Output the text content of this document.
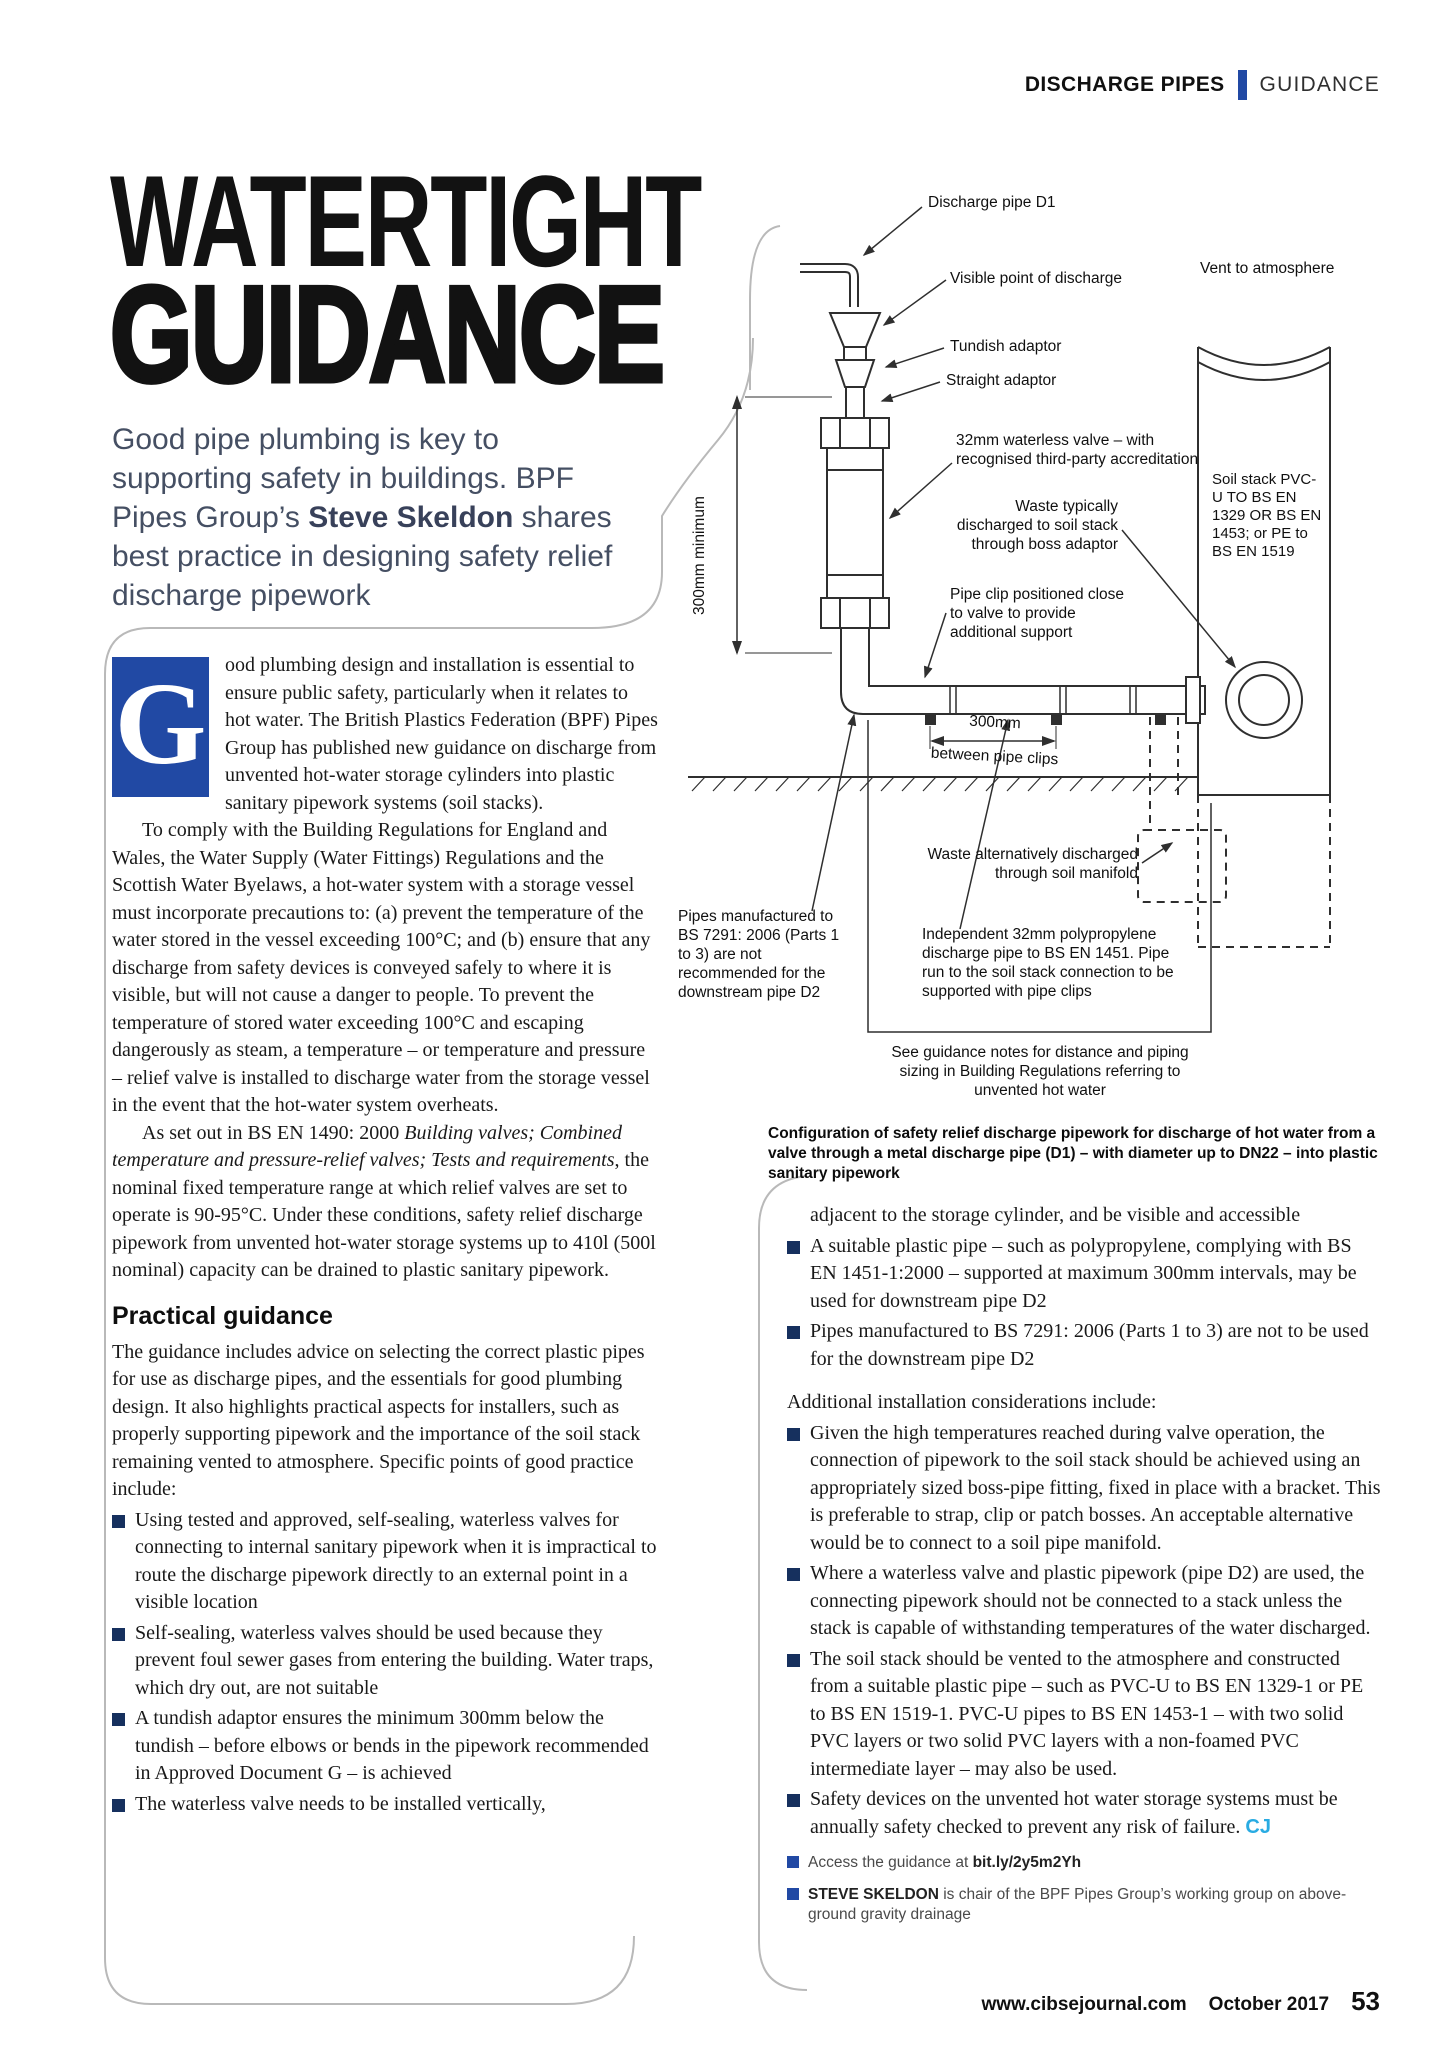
DISCHARGE PIPES GUIDANCE
WATERTIGHT
GUIDANCE
Good pipe plumbing is key to supporting safety in buildings. BPF Pipes Group’s Steve Skeldon shares best practice in designing safety relief discharge pipework

G ood plumbing design and installation is essential to ensure public safety, particularly when it relates to hot water. The British Plastics Federation (BPF) Pipes Group has published new guidance on discharge from unvented hot-water storage cylinders into plastic sanitary pipework systems (soil stacks).

To comply with the Building Regulations for England and Wales, the Water Supply (Water Fittings) Regulations and the Scottish Water Byelaws, a hot-water system with a storage vessel must incorporate precautions to: (a) prevent the temperature of the water stored in the vessel exceeding 100°C; and (b) ensure that any discharge from safety devices is conveyed safely to where it is visible, but will not cause a danger to people. To prevent the temperature of stored water exceeding 100°C and escaping dangerously as steam, a temperature – or temperature and pressure – relief valve is installed to discharge water from the storage vessel in the event that the hot-water system overheats.

As set out in BS EN 1490: 2000 Building valves; Combined temperature and pressure-relief valves; Tests and requirements, the nominal fixed temperature range at which relief valves are set to operate is 90-95°C. Under these conditions, safety relief discharge pipework from unvented hot-water storage systems up to 410l (500l nominal) capacity can be drained to plastic sanitary pipework.

Practical guidance

The guidance includes advice on selecting the correct plastic pipes for use as discharge pipes, and the essentials for good plumbing design. It also highlights practical aspects for installers, such as properly supporting pipework and the importance of the soil stack remaining vented to atmosphere. Specific points of good practice include:

Using tested and approved, self-sealing, waterless valves for connecting to internal sanitary pipework when it is impractical to route the discharge pipework directly to an external point in a visible location
Self-sealing, waterless valves should be used because they prevent foul sewer gases from entering the building. Water traps, which dry out, are not suitable
A tundish adaptor ensures the minimum 300mm below the tundish – before elbows or bends in the pipework recommended in Approved Document G – is achieved
The waterless valve needs to be installed vertically,

adjacent to the storage cylinder, and be visible and accessible

A suitable plastic pipe – such as polypropylene, complying with BS EN 1451-1:2000 – supported at maximum 300mm intervals, may be used for downstream pipe D2
Pipes manufactured to BS 7291: 2006 (Parts 1 to 3) are not to be used for the downstream pipe D2

Additional installation considerations include:

Given the high temperatures reached during valve operation, the connection of pipework to the soil stack should be achieved using an appropriately sized boss-pipe fitting, fixed in place with a bracket. This is preferable to strap, clip or patch bosses. An acceptable alternative would be to connect to a soil pipe manifold.
Where a waterless valve and plastic pipework (pipe D2) are used, the connecting pipework should not be connected to a stack unless the stack is capable of withstanding temperatures of the water discharged.
The soil stack should be vented to the atmosphere and constructed from a suitable plastic pipe – such as PVC-U to BS EN 1329-1 or PE to BS EN 1519-1. PVC-U pipes to BS EN 1453-1 – with two solid PVC layers or two solid PVC layers with a non-foamed PVC intermediate layer – may also be used.
Safety devices on the unvented hot water storage systems must be annually safety checked to prevent any risk of failure. CJ
Access the guidance at bit.ly/2y5m2Yh
STEVE SKELDON is chair of the BPF Pipes Group’s working group on above-ground gravity drainage
Discharge pipe D1
Visible point of discharge
Vent to atmosphere
Tundish adaptor
Straight adaptor
32mm waterless valve – with recognised third-party accreditation
Soil stack PVC-U TO BS EN 1329 OR BS EN 1453; or PE to BS EN 1519
Waste typically discharged to soil stack through boss adaptor
Pipe clip positioned close to valve to provide additional support
300mm minimum
300mm
between pipe clips
Waste alternatively discharged through soil manifold
Pipes manufactured to BS 7291: 2006 (Parts 1 to 3) are not recommended for the downstream pipe D2
Independent 32mm polypropylene discharge pipe to BS EN 1451. Pipe run to the soil stack connection to be supported with pipe clips
See guidance notes for distance and piping sizing in Building Regulations referring to unvented hot water
Configuration of safety relief discharge pipework for discharge of hot water from a valve through a metal discharge pipe (D1) – with diameter up to DN22 – into plastic sanitary pipework
www.cibsejournal.com October 2017 53
